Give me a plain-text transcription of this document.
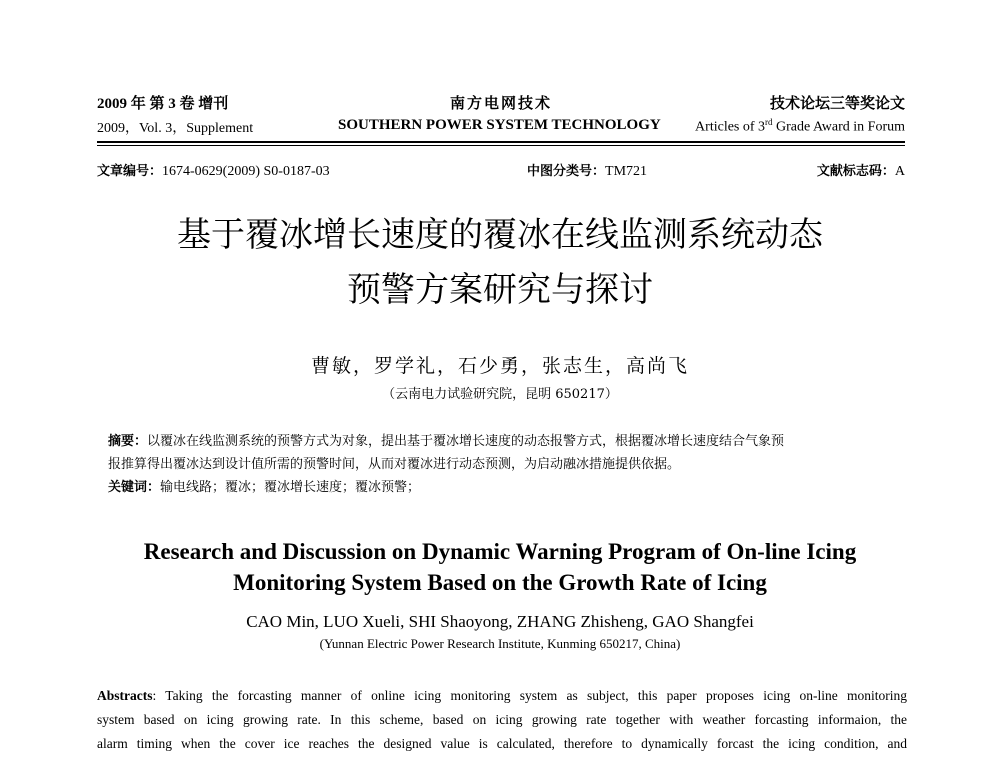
2009 年 第 3 卷 增刊	南方电网技术	技术论坛三等奖论文
2009，Vol. 3，Supplement	SOUTHERN POWER SYSTEM TECHNOLOGY Articles of 3rd Grade Award in Forum
文章编号：1674-0629(2009) S0-0187-03	中图分类号：TM721	文献标志码：A
基于覆冰增长速度的覆冰在线监测系统动态
预警方案研究与探讨
曹敏，罗学礼，石少勇，张志生，高尚飞
（云南电力试验研究院，昆明 650217）
摘要：以覆冰在线监测系统的预警方式为对象，提出基于覆冰增长速度的动态报警方式，根据覆冰增长速度结合气象预
报推算得出覆冰达到设计值所需的预警时间，从而对覆冰进行动态预测，为启动融冰措施提供依据。
关键词：输电线路；覆冰；覆冰增长速度；覆冰预警；
Research and Discussion on Dynamic Warning Program of On-line Icing
Monitoring System Based on the Growth Rate of Icing
CAO Min, LUO Xueli, SHI Shaoyong, ZHANG Zhisheng, GAO Shangfei
(Yunnan Electric Power Research Institute, Kunming 650217, China)
Abstracts: Taking the forcasting manner of online icing monitoring system as subject, this paper proposes icing on-line monitoring
system based on icing growing rate. In this scheme, based on icing growing rate together with weather forcasting informaion, the
alarm timing when the cover ice reaches the designed value is calculated, therefore to dynamically forcast the icing condition, and
